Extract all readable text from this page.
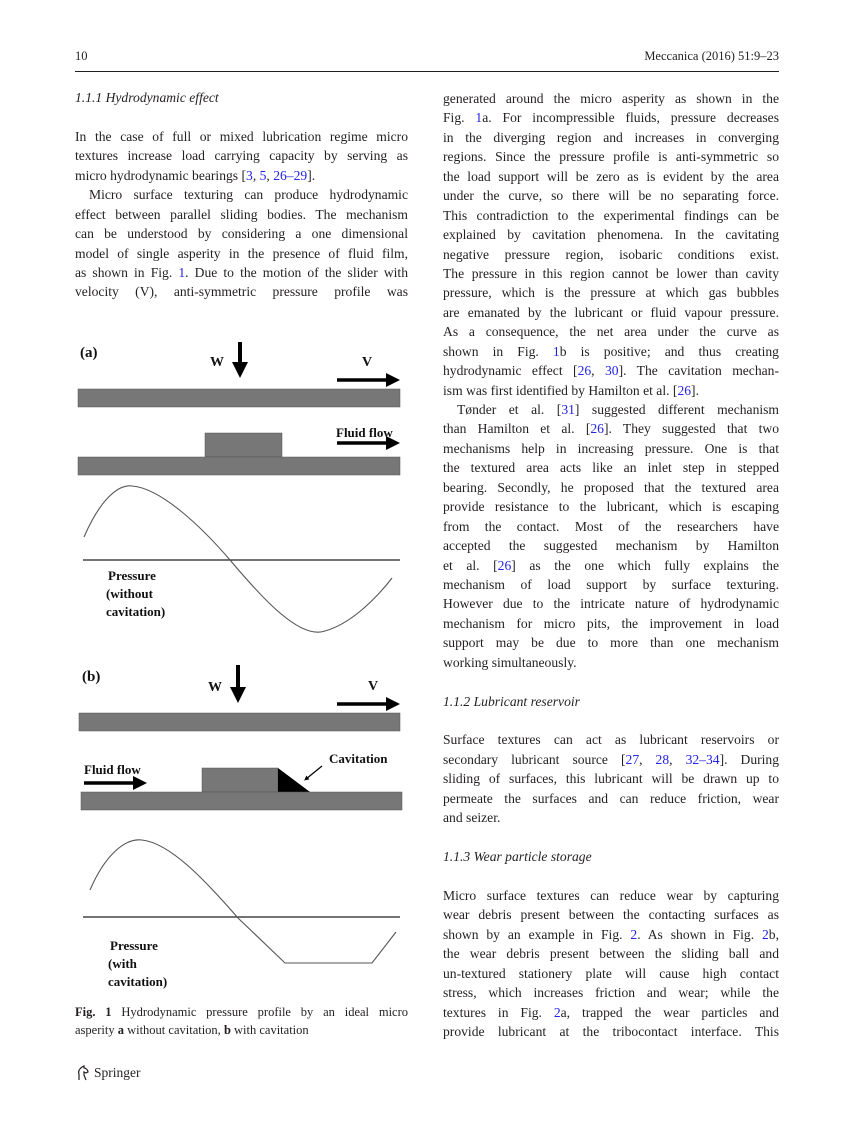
10	Meccanica (2016) 51:9–23
1.1.1 Hydrodynamic effect
In the case of full or mixed lubrication regime micro
textures increase load carrying capacity by serving as
micro hydrodynamic bearings [3, 5, 26–29].
Micro surface texturing can produce hydrodynamic
effect between parallel sliding bodies. The mechanism
can be understood by considering a one dimensional
model of single asperity in the presence of fluid film,
as shown in Fig. 1. Due to the motion of the slider with
velocity (V), anti-symmetric pressure profile was
generated around the micro asperity as shown in the
Fig. 1a. For incompressible fluids, pressure decreases
in the diverging region and increases in converging
regions. Since the pressure profile is anti-symmetric so
the load support will be zero as is evident by the area
under the curve, so there will be no separating force.
This contradiction to the experimental findings can be
explained by cavitation phenomena. In the cavitating
negative pressure region, isobaric conditions exist.
The pressure in this region cannot be lower than cavity
pressure, which is the pressure at which gas bubbles
are emanated by the lubricant or fluid vapour pressure.
As a consequence, the net area under the curve as
shown in Fig. 1b is positive; and thus creating
hydrodynamic effect [26, 30]. The cavitation mechan-
ism was first identified by Hamilton et al. [26].
Tønder et al. [31] suggested different mechanism
than Hamilton et al. [26]. They suggested that two
mechanisms help in increasing pressure. One is that
the textured area acts like an inlet step in stepped
bearing. Secondly, he proposed that the textured area
provide resistance to the lubricant, which is escaping
from the contact. Most of the researchers have
accepted the suggested mechanism by Hamilton
et al. [26] as the one which fully explains the
mechanism of load support by surface texturing.
However due to the intricate nature of hydrodynamic
mechanism for micro pits, the improvement in load
support may be due to more than one mechanism
working simultaneously.
1.1.2 Lubricant reservoir
Surface textures can act as lubricant reservoirs or
secondary lubricant source [27, 28, 32–34]. During
sliding of surfaces, this lubricant will be drawn up to
permeate the surfaces and can reduce friction, wear
and seizer.
1.1.3 Wear particle storage
Micro surface textures can reduce wear by capturing
wear debris present between the contacting surfaces as
shown by an example in Fig. 2. As shown in Fig. 2b,
the wear debris present between the sliding ball and
un-textured stationery plate will cause high contact
stress, which increases friction and wear; while the
textures in Fig. 2a, trapped the wear particles and
provide lubricant at the tribocontact interface. This
(a)
W	V
Fluid flow
Pressure (without cavitation)
(b)
W	V
Fluid flow
Cavitation
Pressure (with cavitation)
Fig. 1 Hydrodynamic pressure profile by an ideal micro
asperity a without cavitation, b with cavitation
Springer
